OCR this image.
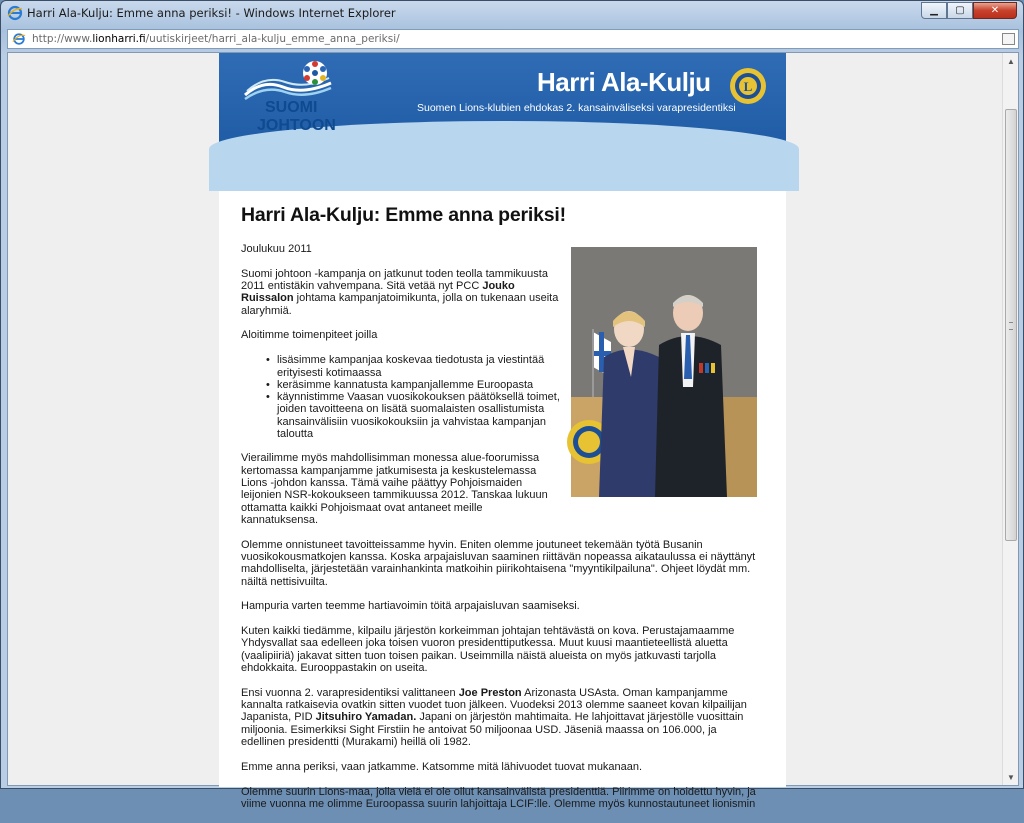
Harri Ala-Kulju: Emme anna periksi! - Windows Internet Explorer	▁ ▢	✕
http://www.lionharri.fi/uutiskirjeet/harri_ala-kulju_emme_anna_periksi/
SUOMI
JOHTOON
Harri Ala-Kulju	L
Suomen Lions-klubien ehdokas 2. kansainväliseksi varapresidentiksi
Harri Ala-Kulju: Emme anna periksi!

Joulukuu 2011

Suomi johtoon -kampanja on jatkunut toden teolla tammikuusta 2011 entistäkin vahvempana. Sitä vetää nyt PCC Jouko Ruissalon johtama kampanjatoimikunta, jolla on tukenaan useita alaryhmiä.

Aloitimme toimenpiteet joilla

• lisäsimme kampanjaa koskevaa tiedotusta ja viestintää erityisesti kotimaassa
• keräsimme kannatusta kampanjallemme Euroopasta
• käynnistimme Vaasan vuosikokouksen päätöksellä toimet, joiden tavoitteena on lisätä suomalaisten osallistumista kansainvälisiin vuosikokouksiin ja vahvistaa kampanjan taloutta

Vierailimme myös mahdollisimman monessa alue-foorumissa kertomassa kampanjamme jatkumisesta ja keskustelemassa Lions -johdon kanssa. Tämä vaihe päättyy Pohjoismaiden leijonien NSR-kokoukseen tammikuussa 2012. Tanskaa lukuun ottamatta kaikki Pohjoismaat ovat antaneet meille kannatuksensa.

Olemme onnistuneet tavoitteissamme hyvin. Eniten olemme joutuneet tekemään työtä Busanin vuosikokousmatkojen kanssa. Koska arpajaisluvan saaminen riittävän nopeassa aikataulussa ei näyttänyt mahdolliselta, järjestetään varainhankinta matkoihin piirikohtaisena "myyntikilpailuna". Ohjeet löydät mm. näiltä nettisivuilta.

Hampuria varten teemme hartiavoimin töitä arpajaisluvan saamiseksi.

Kuten kaikki tiedämme, kilpailu järjestön korkeimman johtajan tehtävästä on kova. Perustajamaamme Yhdysvallat saa edelleen joka toisen vuoron presidenttiputkessa. Muut kuusi maantieteellistä aluetta (vaalipiiriä) jakavat sitten tuon toisen paikan. Useimmilla näistä alueista on myös jatkuvasti tarjolla ehdokkaita. Eurooppastakin on useita.

Ensi vuonna 2. varapresidentiksi valittaneen Joe Preston Arizonasta USAsta. Oman kampanjamme kannalta ratkaisevia ovatkin sitten vuodet tuon jälkeen. Vuodeksi 2013 olemme saaneet kovan kilpailijan Japanista, PID Jitsuhiro Yamadan. Japani on järjestön mahtimaita. He lahjoittavat järjestölle vuosittain miljoonia. Esimerkiksi Sight Firstiin he antoivat 50 miljoonaa USD. Jäseniä maassa on 106.000, ja edellinen presidentti (Murakami) heillä oli 1982.

Emme anna periksi, vaan jatkamme. Katsomme mitä lähivuodet tuovat mukanaan.

Olemme suurin Lions-maa, jolla vielä ei ole ollut kansainvälistä presidenttiä. Piirimme on hoidettu hyvin, ja viime vuonna me olimme Euroopassa suurin lahjoittaja LCIF:lle. Olemme myös kunnostautuneet lionismin

▲
▼
